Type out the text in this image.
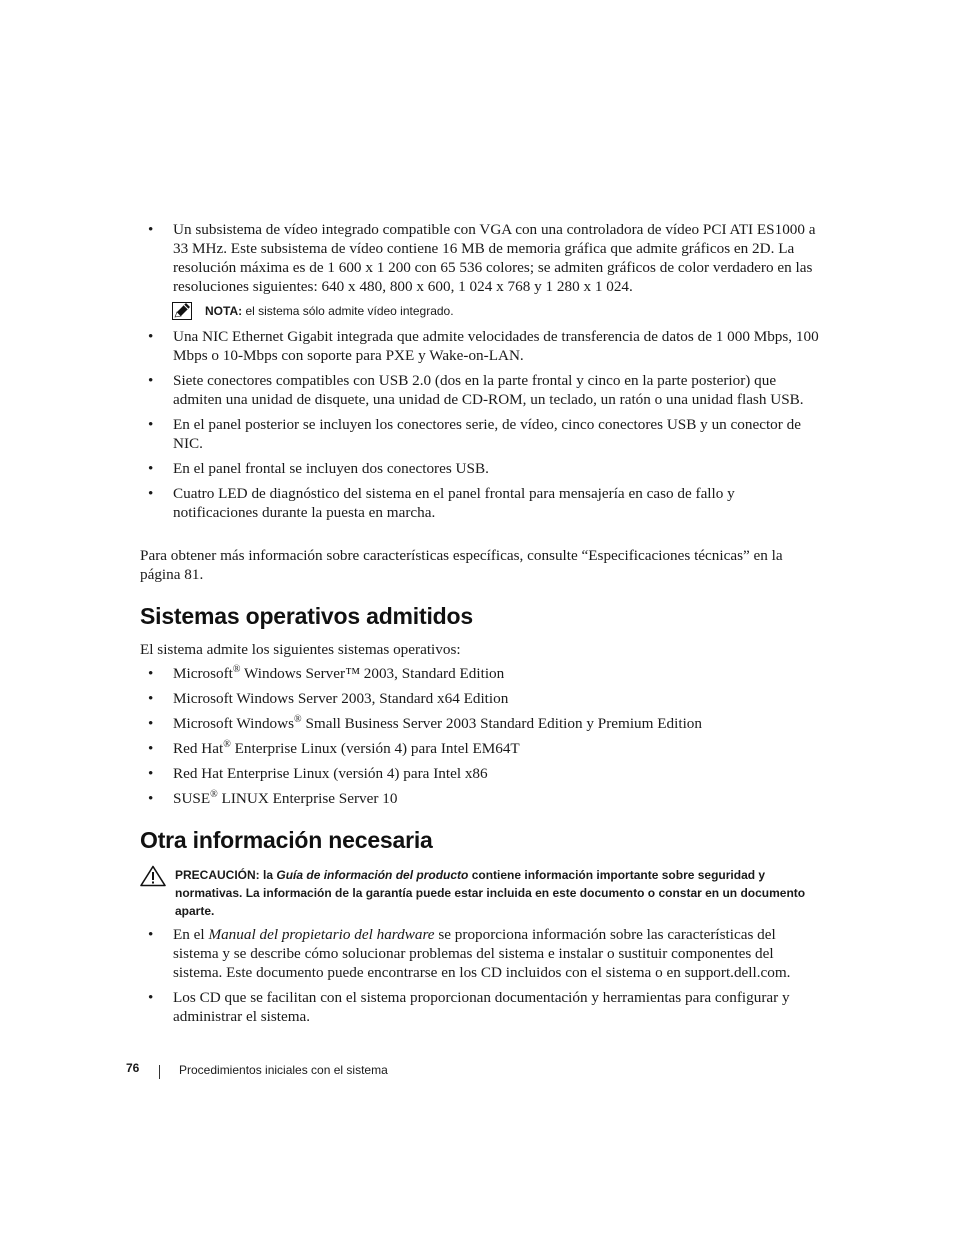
• Un subsistema de vídeo integrado compatible con VGA con una controladora de vídeo PCI ATI ES1000 a 33 MHz. Este subsistema de vídeo contiene 16 MB de memoria gráfica que admite gráficos en 2D. La resolución máxima es de 1 600 x 1 200 con 65 536 colores; se admiten gráficos de color verdadero en las resoluciones siguientes: 640 x 480, 800 x 600, 1 024 x 768 y 1 280 x 1 024.
NOTA: el sistema sólo admite vídeo integrado.
• Una NIC Ethernet Gigabit integrada que admite velocidades de transferencia de datos de 1 000 Mbps, 100 Mbps o 10-Mbps con soporte para PXE y Wake-on-LAN.
• Siete conectores compatibles con USB 2.0 (dos en la parte frontal y cinco en la parte posterior) que admiten una unidad de disquete, una unidad de CD-ROM, un teclado, un ratón o una unidad flash USB.
• En el panel posterior se incluyen los conectores serie, de vídeo, cinco conectores USB y un conector de NIC.
• En el panel frontal se incluyen dos conectores USB.
• Cuatro LED de diagnóstico del sistema en el panel frontal para mensajería en caso de fallo y notificaciones durante la puesta en marcha.
Para obtener más información sobre características específicas, consulte “Especificaciones técnicas” en la página 81.
Sistemas operativos admitidos
El sistema admite los siguientes sistemas operativos:
• Microsoft® Windows Server™ 2003, Standard Edition
• Microsoft Windows Server 2003, Standard x64 Edition
• Microsoft Windows® Small Business Server 2003 Standard Edition y Premium Edition
• Red Hat® Enterprise Linux (versión 4) para Intel EM64T
• Red Hat Enterprise Linux (versión 4) para Intel x86
• SUSE® LINUX Enterprise Server 10
Otra información necesaria
PRECAUCIÓN: la Guía de información del producto contiene información importante sobre seguridad y normativas. La información de la garantía puede estar incluida en este documento o constar en un documento aparte.
• En el Manual del propietario del hardware se proporciona información sobre las características del sistema y se describe cómo solucionar problemas del sistema e instalar o sustituir componentes del sistema. Este documento puede encontrarse en los CD incluidos con el sistema o en support.dell.com.
• Los CD que se facilitan con el sistema proporcionan documentación y herramientas para configurar y administrar el sistema.
76	Procedimientos iniciales con el sistema
